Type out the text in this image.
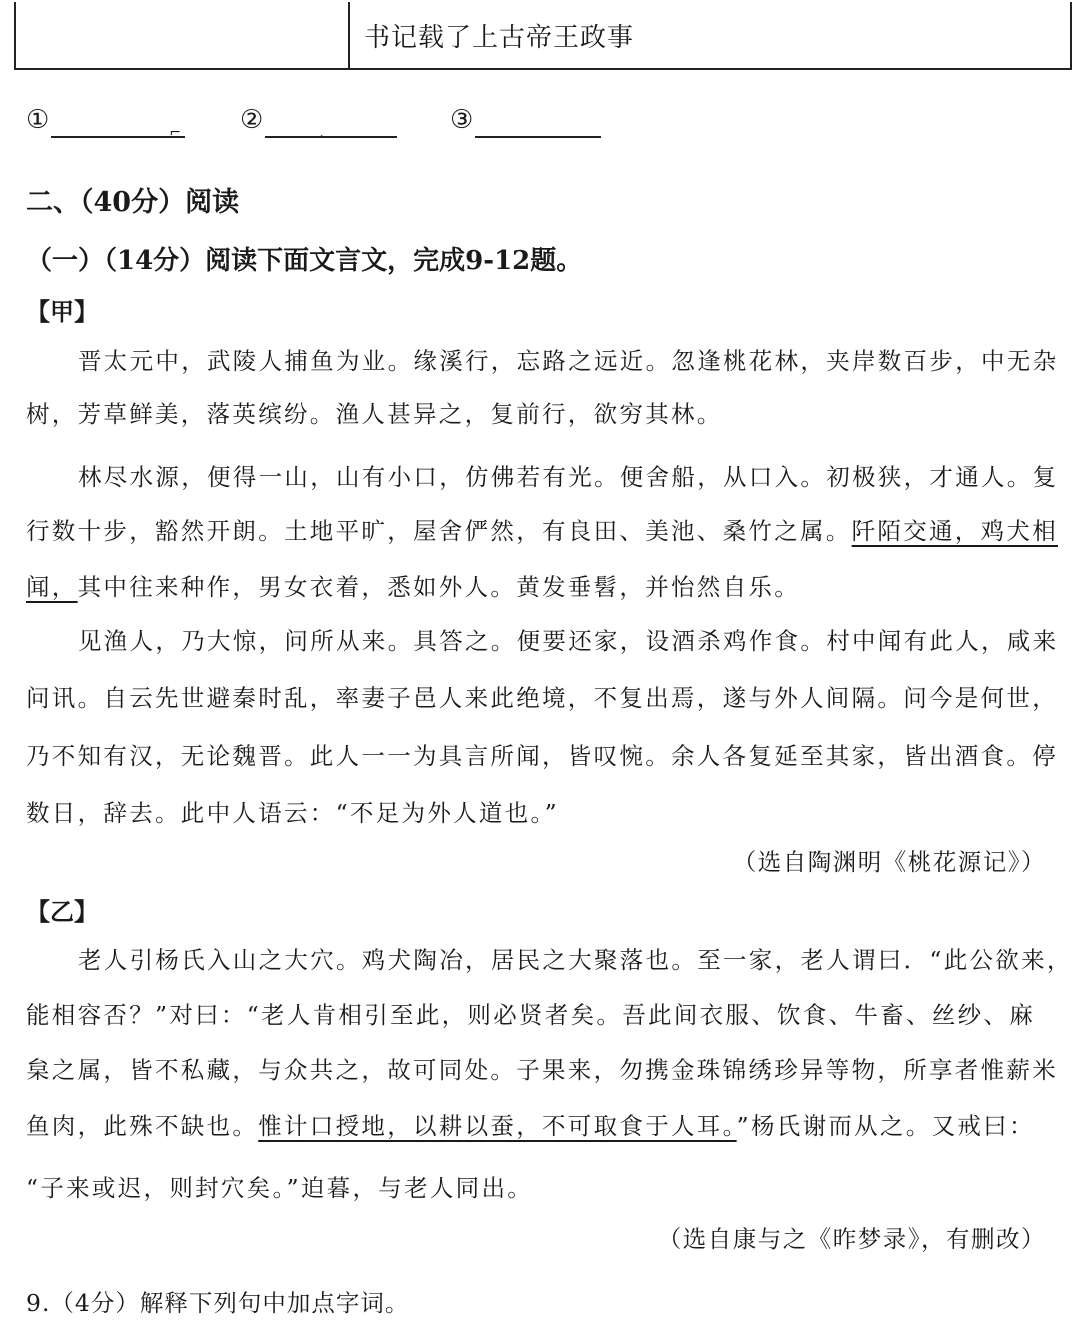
书记载了上古帝王政事
①	⌐ ②	.	③
二、（40分）阅读
（一）（14分）阅读下面文言文，完成9-12题。
【甲】
晋太元中，武陵人捕鱼为业。缘溪行，忘路之远近。忽逢桃花林，夹岸数百步，中无杂
树，芳草鲜美，落英缤纷。渔人甚异之，复前行，欲穷其林。
林尽水源，便得一山，山有小口，仿佛若有光。便舍船，从口入。初极狭，才通人。复
行数十步，豁然开朗。土地平旷，屋舍俨然，有良田、美池、桑竹之属。阡陌交通，鸡犬相
闻，其中往来种作，男女衣着，悉如外人。黄发垂髫，并怡然自乐。
见渔人，乃大惊，问所从来。具答之。便要还家，设酒杀鸡作食。村中闻有此人，咸来
问讯。自云先世避秦时乱，率妻子邑人来此绝境，不复出焉，遂与外人间隔。问今是何世，
乃不知有汉，无论魏晋。此人一一为具言所闻，皆叹惋。余人各复延至其家，皆出酒食。停
数日，辞去。此中人语云：“不足为外人道也。”
（选自陶渊明《桃花源记》）
【乙】
老人引杨氏入山之大穴。鸡犬陶冶，居民之大聚落也。至一家，老人谓曰．“此公欲来，
能相容否？”对曰：“老人肯相引至此，则必贤者矣。吾此间衣服、饮食、牛畜、丝纱、麻
枲之属，皆不私藏，与众共之，故可同处。子果来，勿携金珠锦绣珍异等物，所享者惟薪米
鱼肉，此殊不缺也。惟计口授地，以耕以蚕，不可取食于人耳。”杨氏谢而从之。又戒曰：
“子来或迟，则封穴矣。”迫暮，与老人同出。
（选自康与之《昨梦录》，有删改）
9.（4分）解释下列句中加点字词。
